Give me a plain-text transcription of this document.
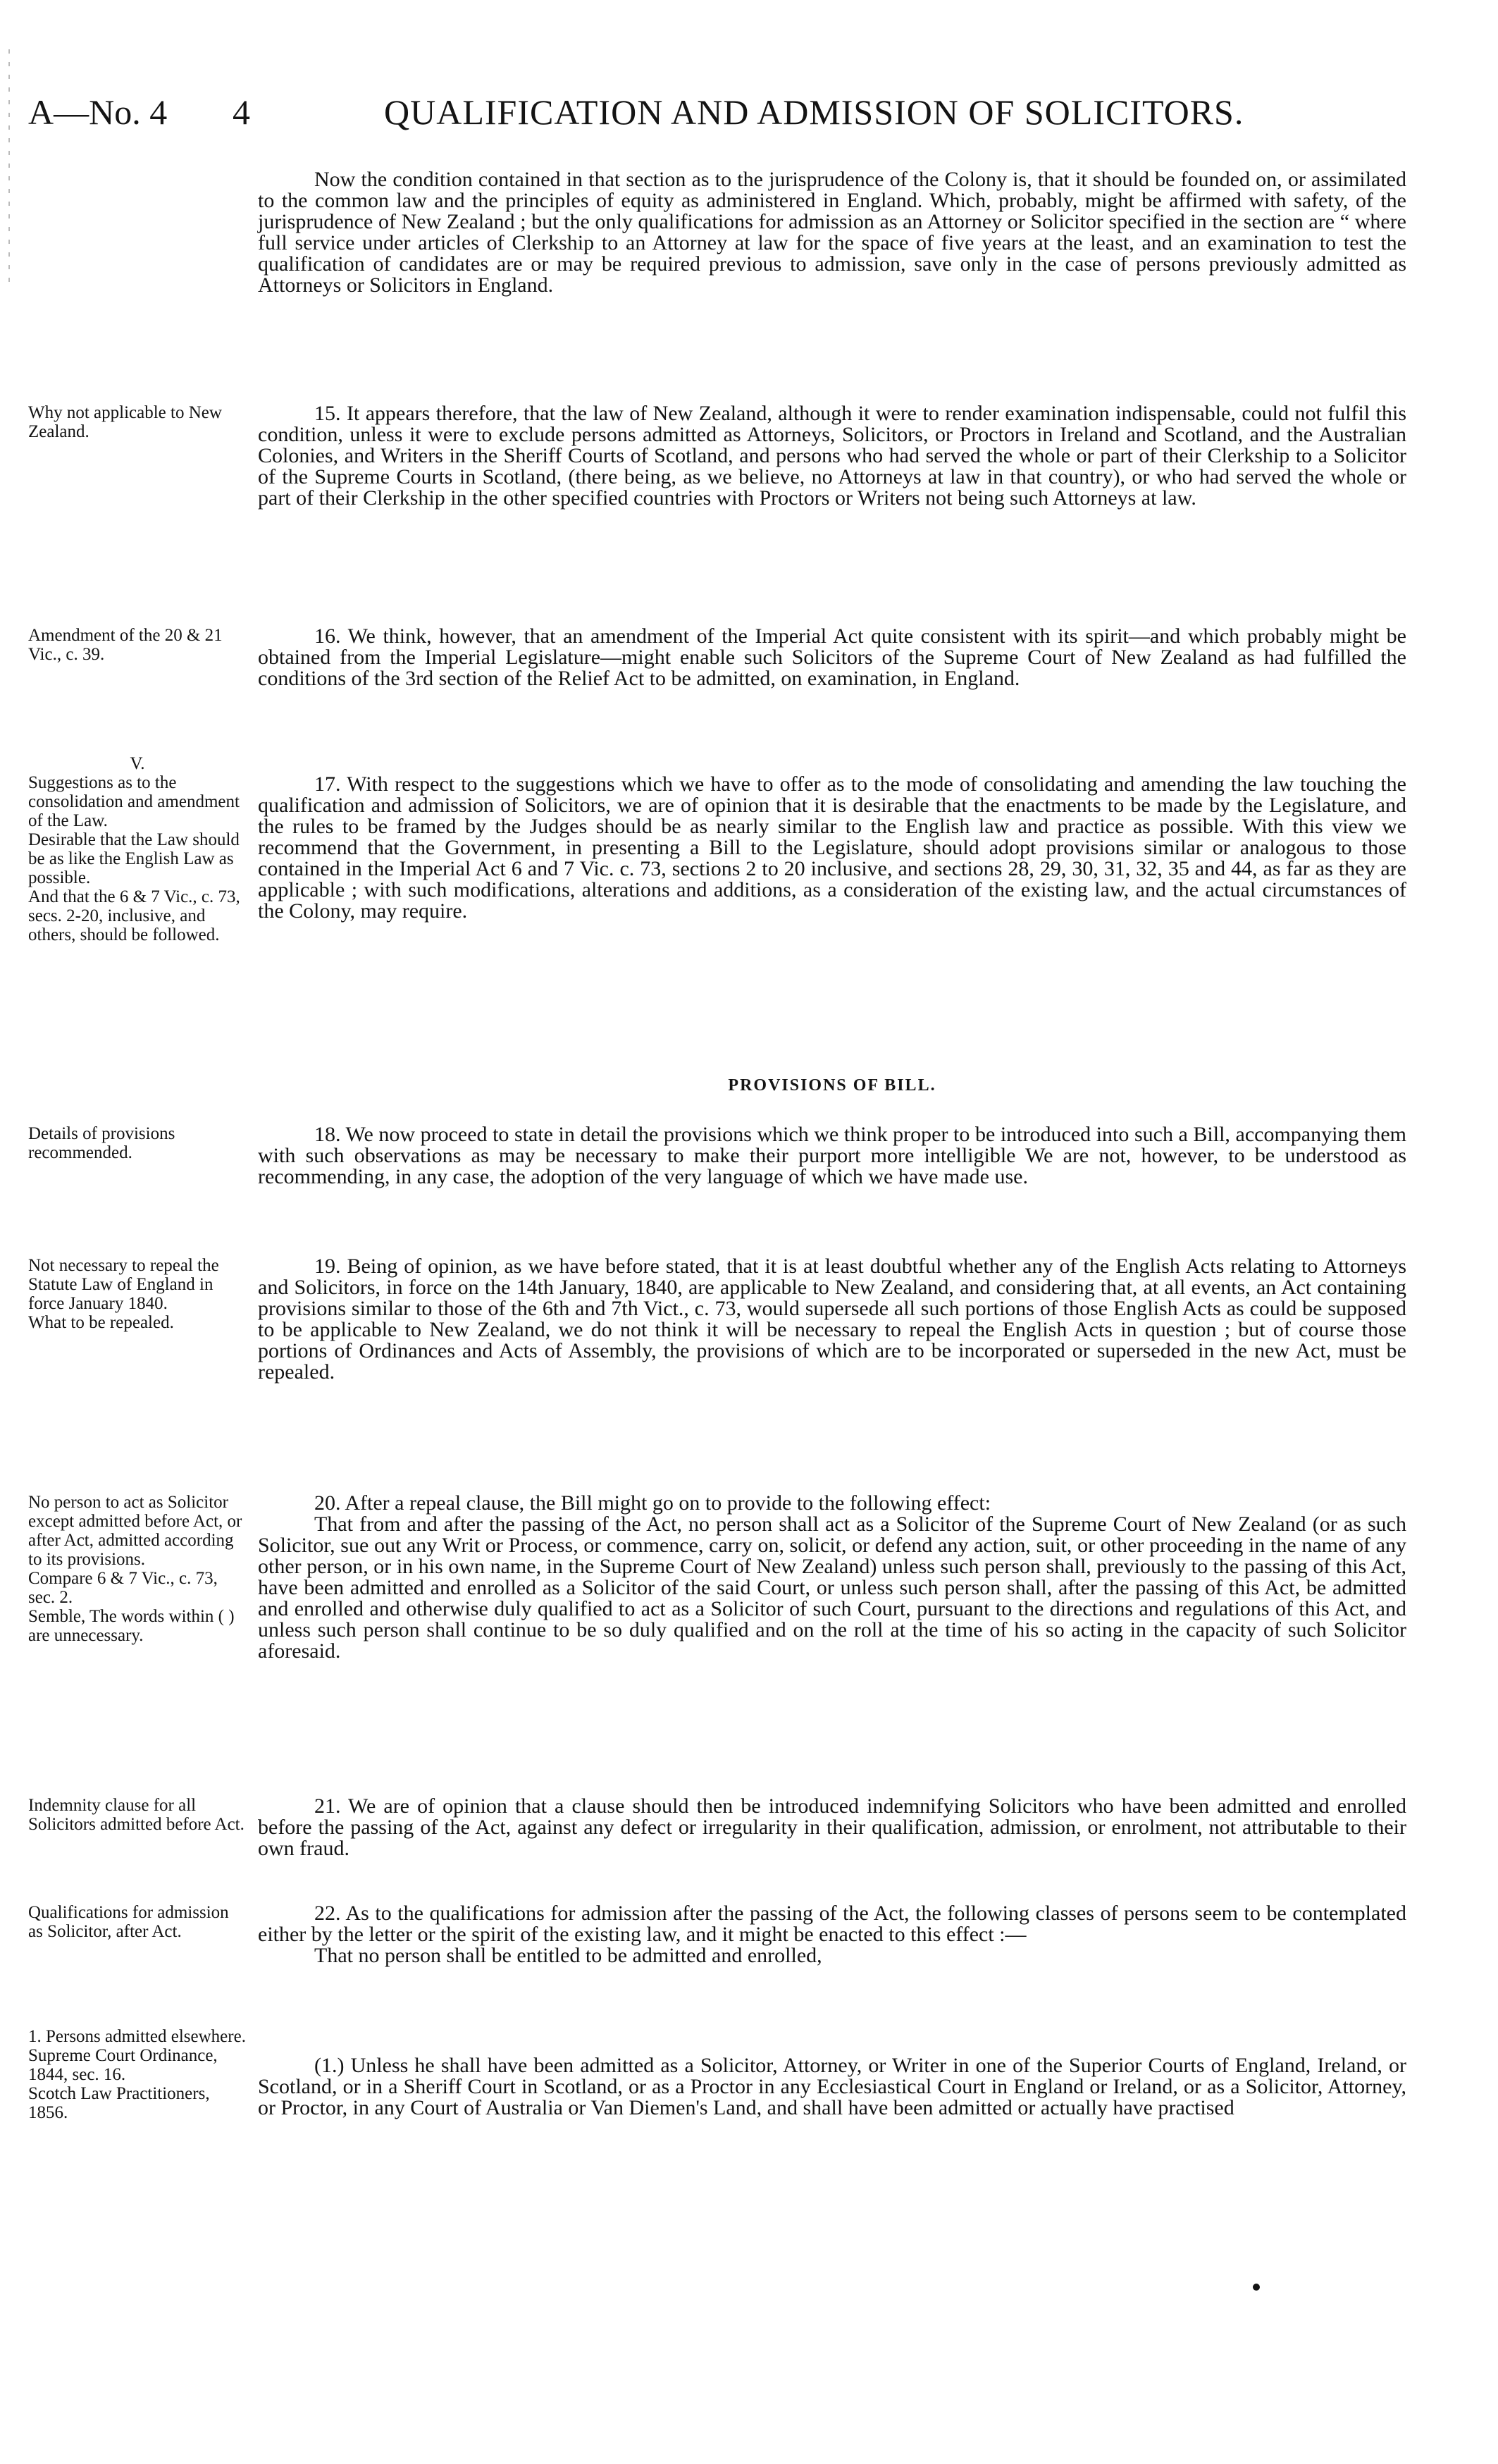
A—No. 4 4	QUALIFICATION AND ADMISSION OF SOLICITORS.

Now the condition contained in that section as to the jurisprudence of the Colony is, that it should be founded on, or assimilated to the common law and the principles of equity as administered in England. Which, probably, might be affirmed with safety, of the jurisprudence of New Zealand ; but the only qualifications for admission as an Attorney or Solicitor specified in the section are “ where full service under articles of Clerkship to an Attorney at law for the space of five years at the least, and an examination to test the qualification of candidates are or may be required previous to admission, save only in the case of persons previously admitted as Attorneys or Solicitors in England.

Why not applicable to New Zealand.

15. It appears therefore, that the law of New Zealand, although it were to render examination indispensable, could not fulfil this condition, unless it were to exclude persons admitted as Attorneys, Solicitors, or Proctors in Ireland and Scotland, and the Australian Colonies, and Writers in the Sheriff Courts of Scotland, and persons who had served the whole or part of their Clerkship to a Solicitor of the Supreme Courts in Scotland, (there being, as we believe, no Attorneys at law in that country), or who had served the whole or part of their Clerkship in the other specified countries with Proctors or Writers not being such Attorneys at law.

Amendment of the 20 & 21 Vic., c. 39.

16. We think, however, that an amendment of the Imperial Act quite consistent with its spirit—and which probably might be obtained from the Imperial Legislature—might enable such Solicitors of the Supreme Court of New Zealand as had fulfilled the conditions of the 3rd section of the Relief Act to be admitted, on examination, in England.

V.

Suggestions as to the consolidation and amendment of the Law.

Desirable that the Law should be as like the English Law as possible.

And that the 6 & 7 Vic., c. 73, secs. 2-20, inclusive, and others, should be followed.

17. With respect to the suggestions which we have to offer as to the mode of consolidating and amending the law touching the qualification and admission of Solicitors, we are of opinion that it is desirable that the enactments to be made by the Legislature, and the rules to be framed by the Judges should be as nearly similar to the English law and practice as possible. With this view we recommend that the Government, in presenting a Bill to the Legislature, should adopt provisions similar or analogous to those contained in the Imperial Act 6 and 7 Vic. c. 73, sections 2 to 20 inclusive, and sections 28, 29, 30, 31, 32, 35 and 44, as far as they are applicable ; with such modifications, alterations and additions, as a consideration of the existing law, and the actual circumstances of the Colony, may require.

PROVISIONS OF BILL.

Details of provisions recommended.

18. We now proceed to state in detail the provisions which we think proper to be introduced into such a Bill, accompanying them with such observations as may be necessary to make their purport more intelligible We are not, however, to be understood as recommending, in any case, the adoption of the very language of which we have made use.

Not necessary to repeal the Statute Law of England in force January 1840.

What to be repealed.

19. Being of opinion, as we have before stated, that it is at least doubtful whether any of the English Acts relating to Attorneys and Solicitors, in force on the 14th January, 1840, are applicable to New Zealand, and considering that, at all events, an Act containing provisions similar to those of the 6th and 7th Vict., c. 73, would supersede all such portions of those English Acts as could be supposed to be applicable to New Zealand, we do not think it will be necessary to repeal the English Acts in question ; but of course those portions of Ordinances and Acts of Assembly, the provisions of which are to be incorporated or superseded in the new Act, must be repealed.

No person to act as Solicitor except admitted before Act, or after Act, admitted according to its provisions.

Compare 6 & 7 Vic., c. 73, sec. 2.

Semble, The words within ( ) are unnecessary.

20. After a repeal clause, the Bill might go on to provide to the following effect:

That from and after the passing of the Act, no person shall act as a Solicitor of the Supreme Court of New Zealand (or as such Solicitor, sue out any Writ or Process, or commence, carry on, solicit, or defend any action, suit, or other proceeding in the name of any other person, or in his own name, in the Supreme Court of New Zealand) unless such person shall, previously to the passing of this Act, have been admitted and enrolled as a Solicitor of the said Court, or unless such person shall, after the passing of this Act, be admitted and enrolled and otherwise duly qualified to act as a Solicitor of such Court, pursuant to the directions and regulations of this Act, and unless such person shall continue to be so duly qualified and on the roll at the time of his so acting in the capacity of such Solicitor aforesaid.

Indemnity clause for all Solicitors admitted before Act.

21. We are of opinion that a clause should then be introduced indemnifying Solicitors who have been admitted and enrolled before the passing of the Act, against any defect or irregularity in their qualification, admission, or enrolment, not attributable to their own fraud.

Qualifications for admission as Solicitor, after Act.

22. As to the qualifications for admission after the passing of the Act, the following classes of persons seem to be contemplated either by the letter or the spirit of the existing law, and it might be enacted to this effect :—

That no person shall be entitled to be admitted and enrolled,

1. Persons admitted elsewhere.

Supreme Court Ordinance, 1844, sec. 16.

Scotch Law Practitioners, 1856.

(1.) Unless he shall have been admitted as a Solicitor, Attorney, or Writer in one of the Superior Courts of England, Ireland, or Scotland, or in a Sheriff Court in Scotland, or as a Proctor in any Ecclesiastical Court in England or Ireland, or as a Solicitor, Attorney, or Proctor, in any Court of Australia or Van Diemen's Land, and shall have been admitted or actually have practised
